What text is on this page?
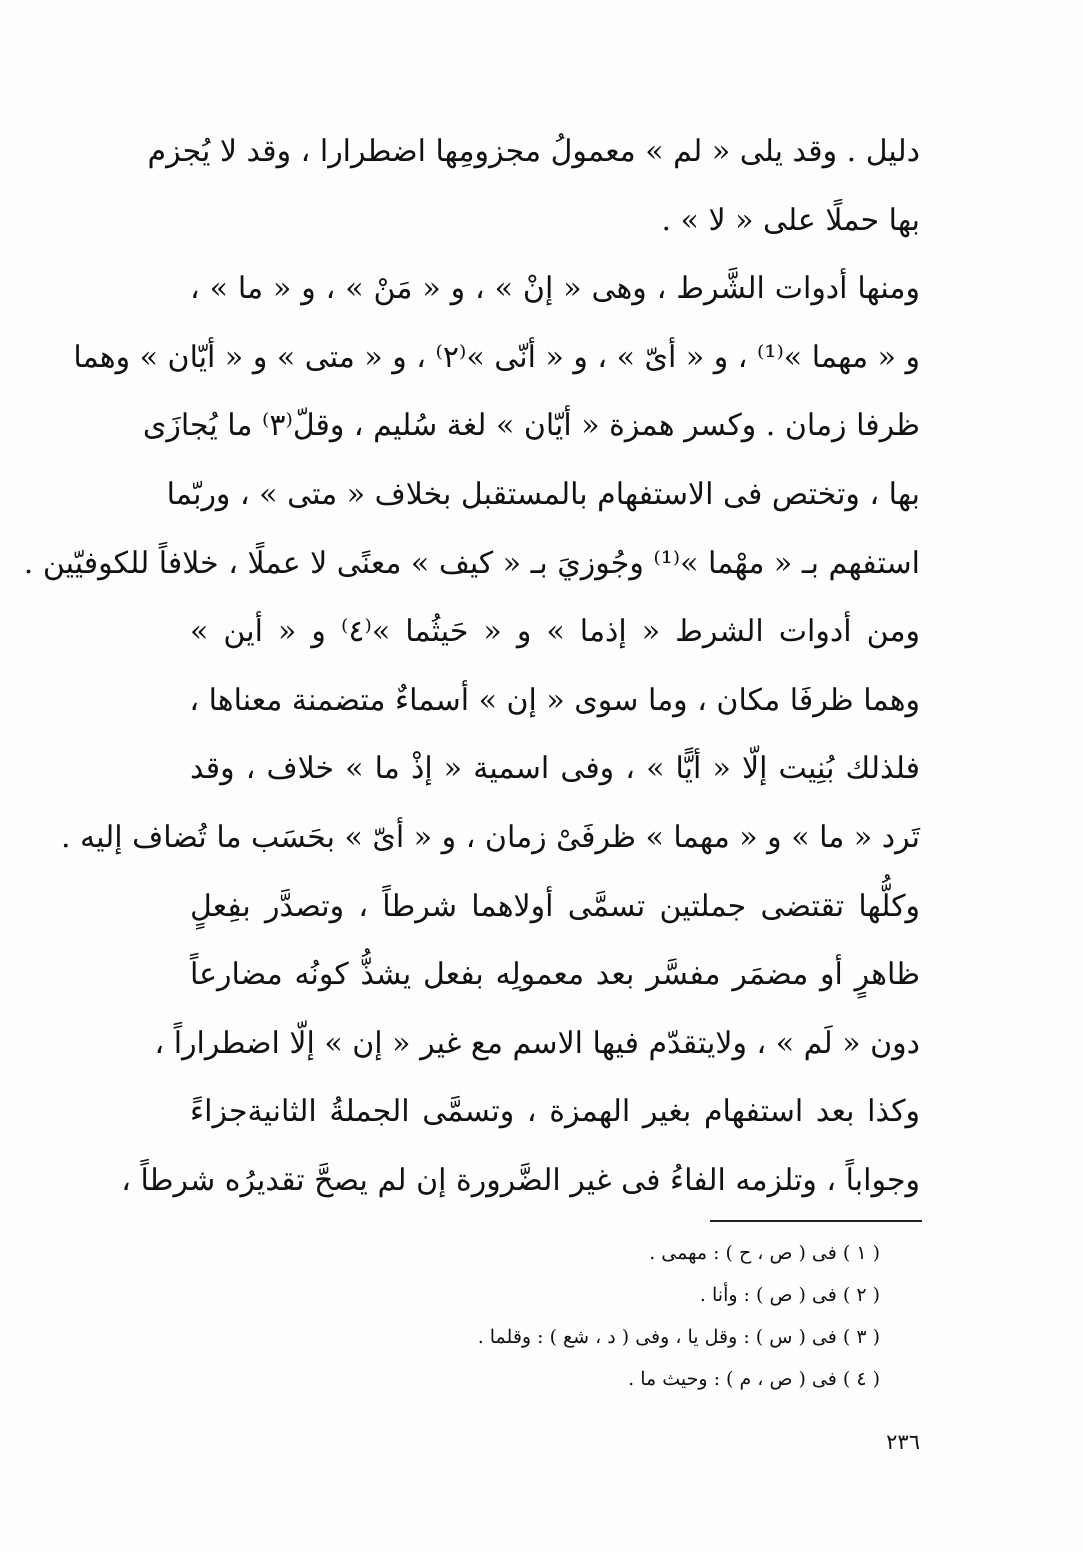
دليل . وقد يلى « لم » معمولُ مجزومِها اضطرارا ، وقد لا يُجزم
بها حملًا على « لا » .
ومنها أدوات الشَّرط ، وهى « إنْ » ، و « مَنْ » ، و « ما » ،
و « مهما »⁽¹⁾ ، و « أىّ » ، و « أنّى »⁽٢⁾ ، و « متى » و « أيّان » وهما
ظرفا زمان . وكسر همزة « أيّان » لغة سُليم ، وقلّ⁽٣⁾ ما يُجازَى
بها ، وتختص فى الاستفهام بالمستقبل بخلاف « متى » ، وربّما
استفهم بـ « مهْما »⁽¹⁾ وجُوزيَ بـ « كيف » معنًى لا عملًا ، خلافاً للكوفيّين .
ومن أدوات الشرط « إذما » و « حَيثُما »⁽٤⁾ و « أين »
وهما ظرفَا مكان ، وما سوى « إن » أسماءٌ متضمنة معناها ،
فلذلك بُنِيت إلّا « أيًّا » ، وفى اسمية « إذْ ما » خلاف ، وقد
تَرد « ما » و « مهما » ظرفَىْ زمان ، و « أىّ » بحَسَب ما تُضاف إليه .
وكلُّها تقتضى جملتين تسمَّى أولاهما شرطاً ، وتصدَّر بفِعلٍ
ظاهرٍ أو مضمَر مفسَّر بعد معمولِه بفعل يشذُّ كونُه مضارعاً
دون « لَم » ، ولايتقدّم فيها الاسم مع غير « إن » إلّا اضطراراً ،
وكذا بعد استفهام بغير الهمزة ، وتسمَّى الجملةُ الثانيةجزاءً
وجواباً ، وتلزمه الفاءُ فى غير الضَّرورة إن لم يصحَّ تقديرُه شرطاً ،
( ١ ) فى ( ص ، ح ) : مهمى .
( ٢ ) فى ( ص ) : وأنا .
( ٣ ) فى ( س ) : وقل يا ، وفى ( د ، شع ) : وقلما .
( ٤ ) فى ( ص ، م ) : وحيث ما .
٢٣٦
